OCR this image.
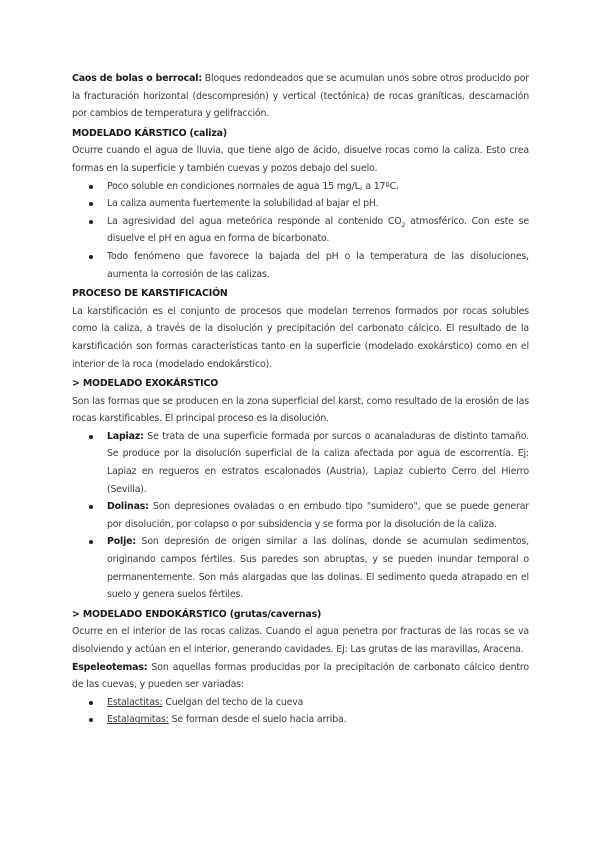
Caos de bolas o berrocal: Bloques redondeados que se acumulan unos sobre otros producido por la fracturación horizontal (descompresión) y vertical (tectónica) de rocas graníticas, descamación por cambios de temperatura y gelifracción.

MODELADO KÁRSTICO (caliza)

Ocurre cuando el agua de lluvia, que tiene algo de ácido, disuelve rocas como la caliza. Esto crea formas en la superficie y también cuevas y pozos debajo del suelo.

Poco soluble en condiciones normales de agua 15 mg/L, a 17ºC.
La caliza aumenta fuertemente la solubilidad al bajar el pH.
La agresividad del agua meteórica responde al contenido $CO_2$ atmosférico. Con este se disuelve el pH en agua en forma de bicarbonato.
Todo fenómeno que favorece la bajada del pH o la temperatura de las disoluciones, aumenta la corrosión de las calizas.

PROCESO DE KARSTIFICACIÓN

La karstificación es el conjunto de procesos que modelan terrenos formados por rocas solubles como la caliza, a través de la disolución y precipitación del carbonato cálcico. El resultado de la karstificación son formas características tanto en la superficie (modelado exokárstico) como en el interior de la roca (modelado endokárstico).

> MODELADO EXOKÁRSTICO

Son las formas que se producen en la zona superficial del karst, como resultado de la erosión de las rocas karstificables. El principal proceso es la disolución.

Lapiaz: Se trata de una superficie formada por surcos o acanaladuras de distinto tamaño. Se produce por la disolución superficial de la caliza afectada por agua de escorrentía. Ej: Lapiaz en regueros en estratos escalonados (Austria), Lapiaz cubierto Cerro del Hierro (Sevilla).
Dolinas: Son depresiones ovaladas o en embudo tipo "sumidero", que se puede generar por disolución, por colapso o por subsidencia y se forma por la disolución de la caliza.
Polje: Son depresión de origen similar a las dolinas, donde se acumulan sedimentos, originando campos fértiles. Sus paredes son abruptas, y se pueden inundar temporal o permanentemente. Son más alargadas que las dolinas. El sedimento queda atrapado en el suelo y genera suelos fértiles.

> MODELADO ENDOKÁRSTICO (grutas/cavernas)

Ocurre en el interior de las rocas calizas. Cuando el agua penetra por fracturas de las rocas se va disolviendo y actúan en el interior, generando cavidades. Ej: Las grutas de las maravillas, Aracena.

Espeleotemas: Son aquellas formas producidas por la precipitación de carbonato cálcico dentro de las cuevas, y pueden ser variadas:

Estalactitas: Cuelgan del techo de la cueva
Estalagmitas: Se forman desde el suelo hacia arriba.
